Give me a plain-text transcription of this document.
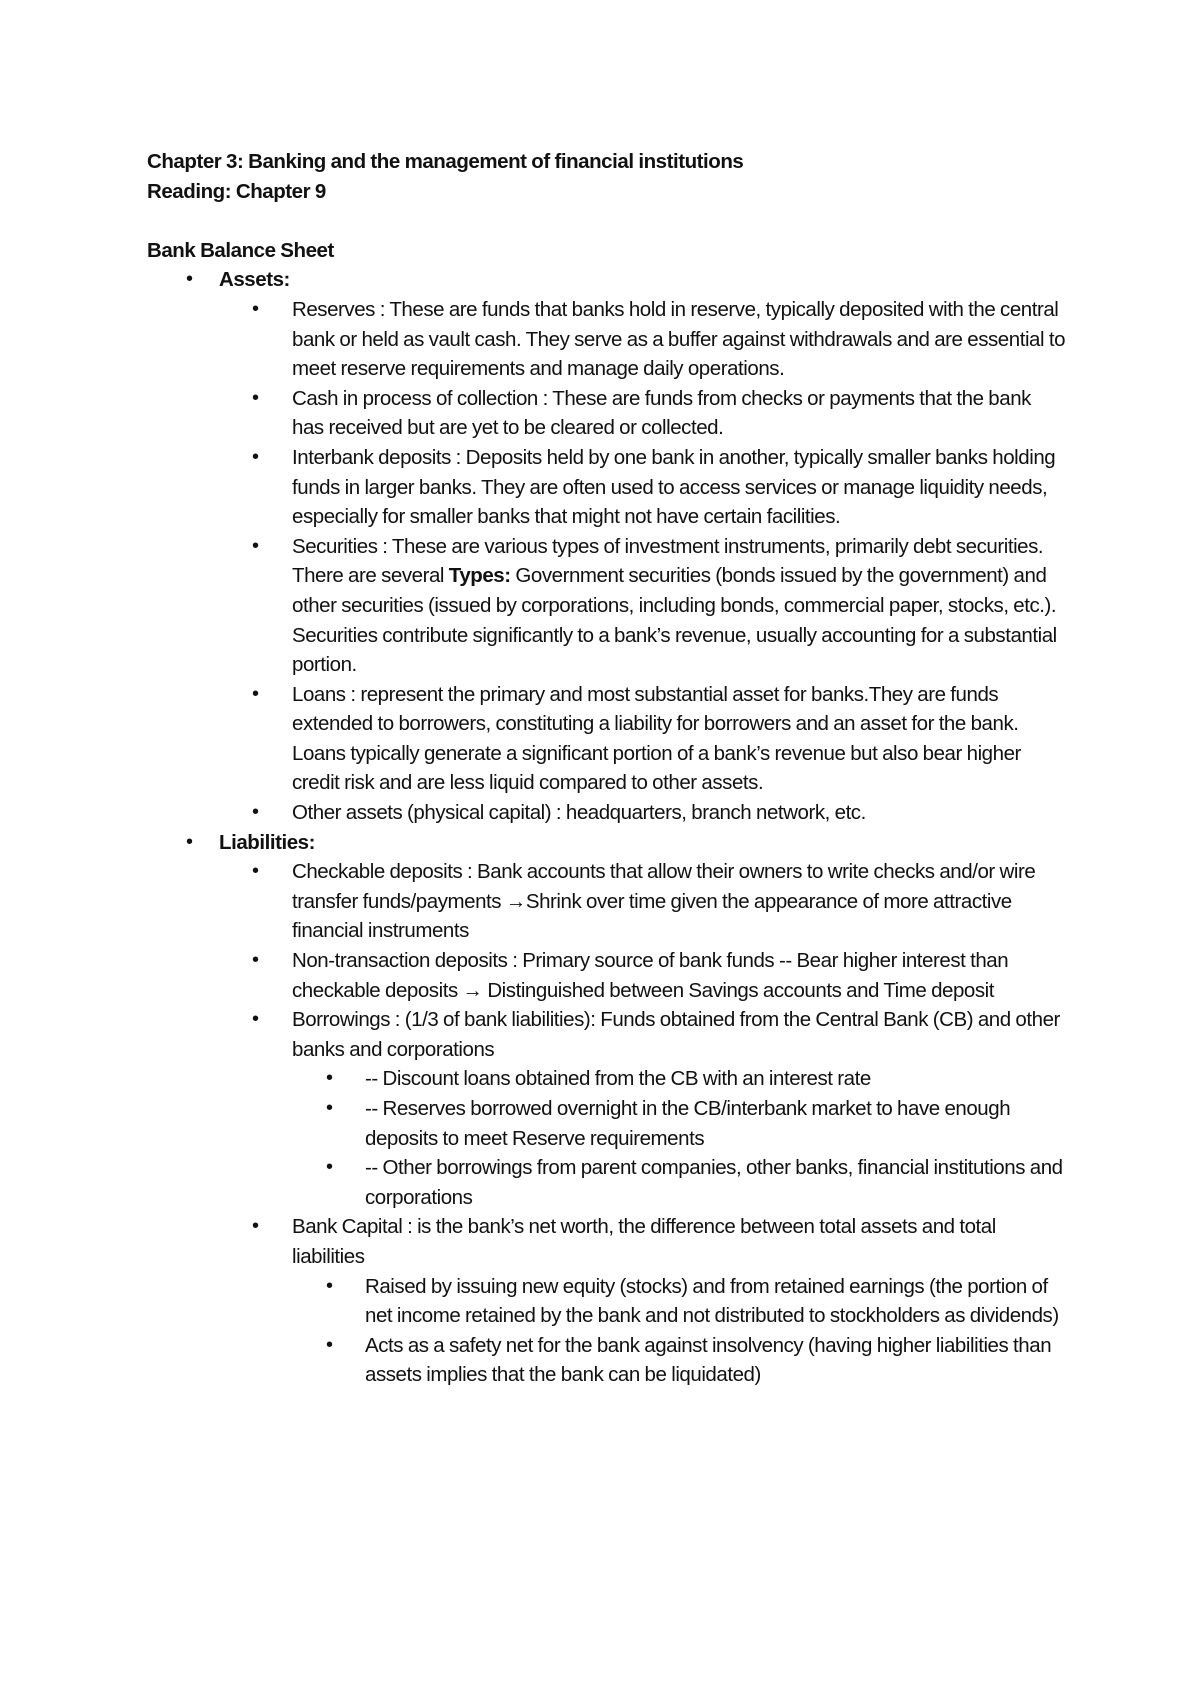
Chapter 3: Banking and the management of financial institutions

Reading: Chapter 9

Bank Balance Sheet

• Assets:
• Reserves : These are funds that banks hold in reserve, typically deposited with the central bank or held as vault cash. They serve as a buffer against withdrawals and are essential to meet reserve requirements and manage daily operations.
• Cash in process of collection : These are funds from checks or payments that the bank has received but are yet to be cleared or collected.
• Interbank deposits : Deposits held by one bank in another, typically smaller banks holding funds in larger banks. They are often used to access services or manage liquidity needs, especially for smaller banks that might not have certain facilities.
• Securities : These are various types of investment instruments, primarily debt securities. There are several Types: Government securities (bonds issued by the government) and other securities (issued by corporations, including bonds, commercial paper, stocks, etc.). Securities contribute significantly to a bank’s revenue, usually accounting for a substantial portion.
• Loans : represent the primary and most substantial asset for banks.They are funds extended to borrowers, constituting a liability for borrowers and an asset for the bank. Loans typically generate a significant portion of a bank’s revenue but also bear higher credit risk and are less liquid compared to other assets.
• Other assets (physical capital) : headquarters, branch network, etc.
• Liabilities:
• Checkable deposits : Bank accounts that allow their owners to write checks and/or wire transfer funds/payments →Shrink over time given the appearance of more attractive financial instruments
• Non-transaction deposits : Primary source of bank funds -- Bear higher interest than checkable deposits → Distinguished between Savings accounts and Time deposit
• Borrowings : (1/3 of bank liabilities): Funds obtained from the Central Bank (CB) and other banks and corporations
• -- Discount loans obtained from the CB with an interest rate
• -- Reserves borrowed overnight in the CB/interbank market to have enough deposits to meet Reserve requirements
• -- Other borrowings from parent companies, other banks, financial institutions and corporations
• Bank Capital : is the bank’s net worth, the difference between total assets and total liabilities
• Raised by issuing new equity (stocks) and from retained earnings (the portion of net income retained by the bank and not distributed to stockholders as dividends)
• Acts as a safety net for the bank against insolvency (having higher liabilities than assets implies that the bank can be liquidated)
